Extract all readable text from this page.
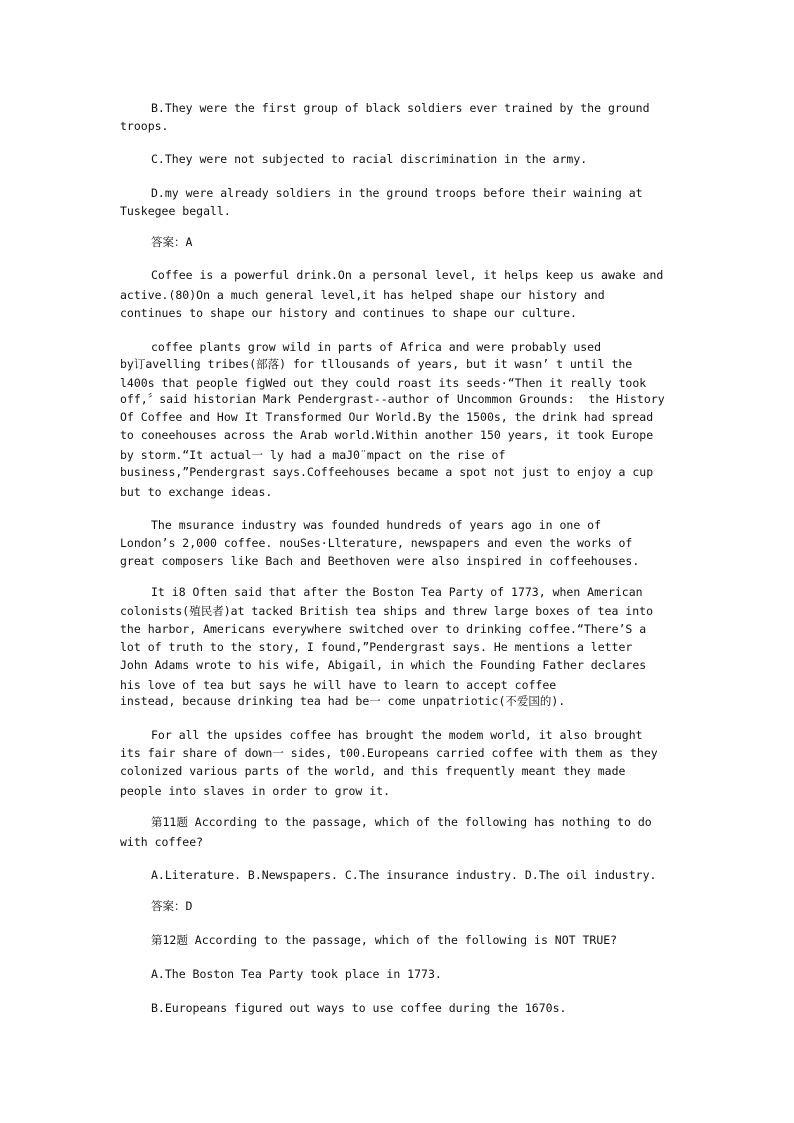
B.They were the first group of black soldiers ever trained by the ground
troops.
C.They were not subjected to racial discrimination in the army.
D.my were already soldiers in the ground troops before their waining at
Tuskegee begall.
答案：A
Coffee is a powerful drink.On a personal level, it helps keep us awake and
active.(80)On a much general level,it has helped shape our history and
continues to shape our history and continues to shape our culture.
coffee plants grow wild in parts of Africa and were probably used
by订avelling tribes(部落) for tllousands of years, but it wasn’ t until the
l400s that people figWed out they could roast its seeds·“Then it really took
off,〞said historian Mark Pendergrast--author of Uncommon Grounds:  the History
Of Coffee and How It Transformed Our World.By the 1500s, the drink had spread
to coneehouses across the Arab world.Within another 150 years, it took Europe
by storm.“It actual一 ly had a maJ0¨mpact on the rise of
business,”Pendergrast says.Coffeehouses became a spot not just to enjoy a cup
but to exchange ideas.
The msurance industry was founded hundreds of years ago in one of
London’s 2,000 coffee. nouSes·Llterature, newspapers and even the works of
great composers like Bach and Beethoven were also inspired in coffeehouses.
It i8 Often said that after the Boston Tea Party of 1773, when American
colonists(殖民者)at tacked British tea ships and threw large boxes of tea into
the harbor, Americans everywhere switched over to drinking coffee.“There’S a
lot of truth to the story, I found,”Pendergrast says. He mentions a letter
John Adams wrote to his wife, Abigail, in which the Founding Father declares
his love of tea but says he will have to learn to accept coffee
instead, because drinking tea had be一 come unpatriotic(不爱国的).
For all the upsides coffee has brought the modem world, it also brought
its fair share of down一 sides, t00.Europeans carried coffee with them as they
colonized various parts of the world, and this frequently meant they made
people into slaves in order to grow it.
第11题 According to the passage, which of the following has nothing to do
with coffee?
A.Literature. B.Newspapers. C.The insurance industry. D.The oil industry.
答案：D
第12题 According to the passage, which of the following is NOT TRUE?
A.The Boston Tea Party took place in 1773.
B.Europeans figured out ways to use coffee during the 1670s.
